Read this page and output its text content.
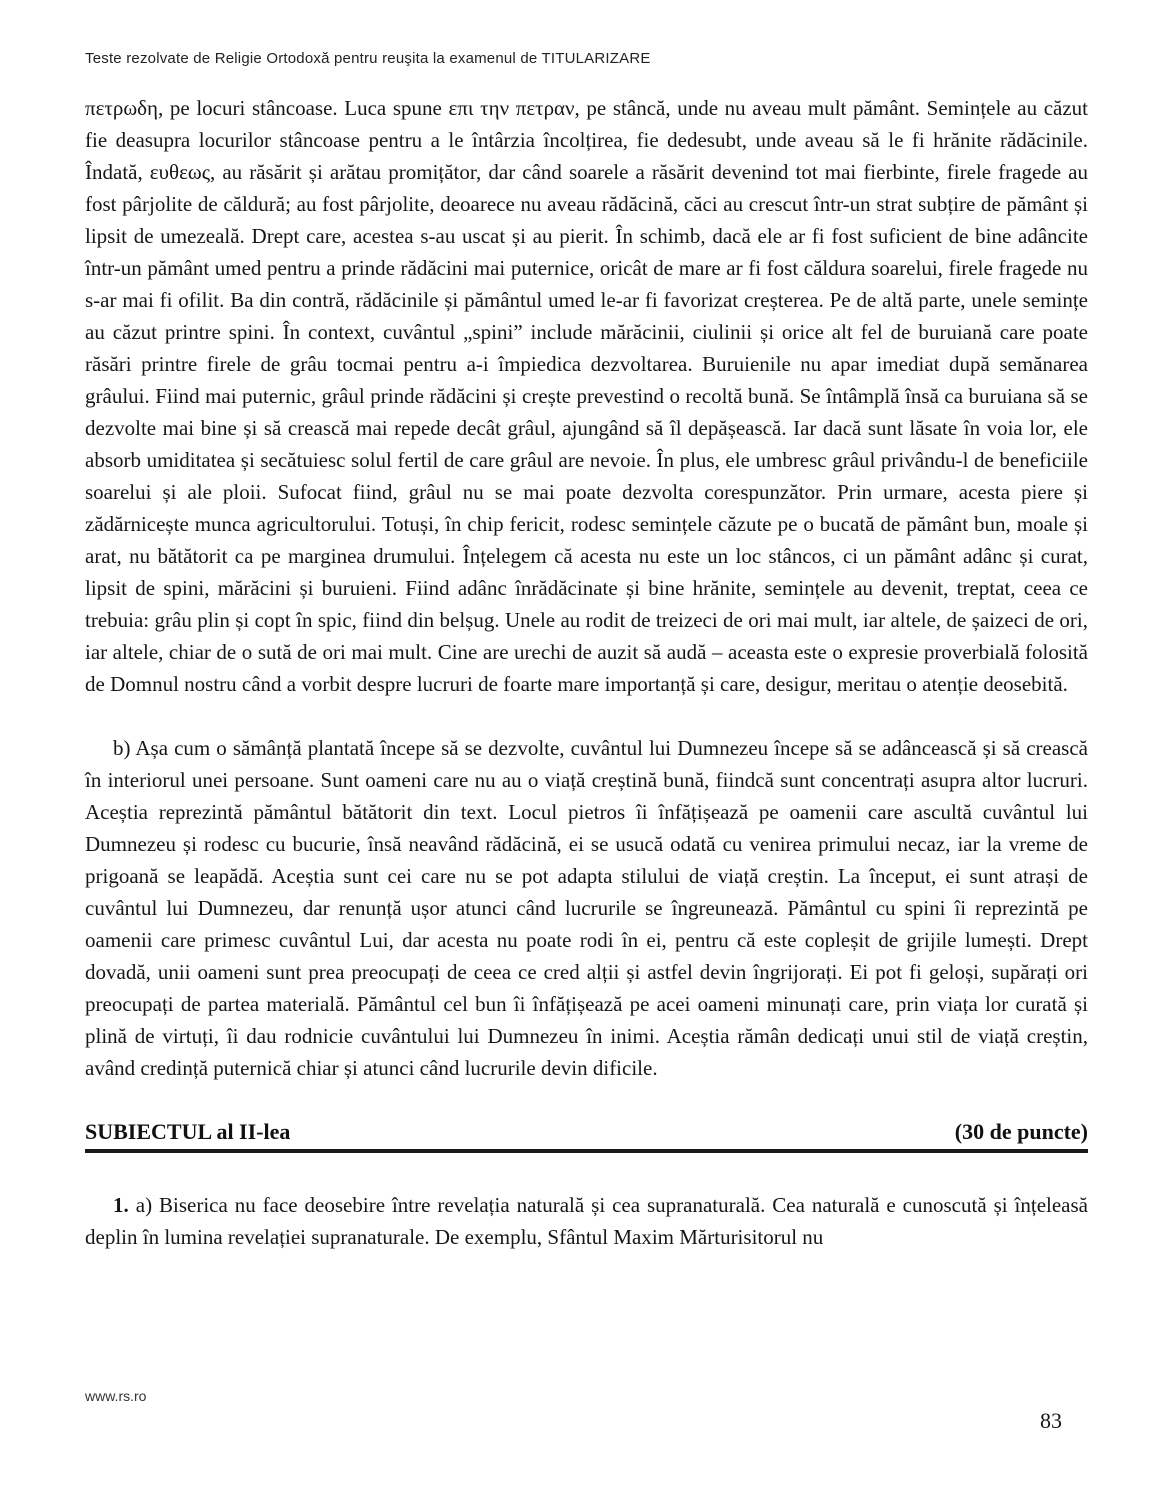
Teste rezolvate de Religie Ortodoxă pentru reuşita la examenul de TITULARIZARE

πετρωδη, pe locuri stâncoase. Luca spune επι την πετραν, pe stâncă, unde nu aveau mult pământ. Semințele au căzut fie deasupra locurilor stâncoase pentru a le întârzia încolțirea, fie dedesubt, unde aveau să le fi hrănite rădăcinile. Îndată, ευθεως, au răsărit și arătau promițător, dar când soarele a răsărit devenind tot mai fierbinte, firele fragede au fost pârjolite de căldură; au fost pârjolite, deoarece nu aveau rădăcină, căci au crescut într-un strat subțire de pământ și lipsit de umezeală. Drept care, acestea s-au uscat și au pierit. În schimb, dacă ele ar fi fost suficient de bine adâncite într-un pământ umed pentru a prinde rădăcini mai puternice, oricât de mare ar fi fost căldura soarelui, firele fragede nu s-ar mai fi ofilit. Ba din contră, rădăcinile și pământul umed le-ar fi favorizat creșterea. Pe de altă parte, unele semințe au căzut printre spini. În context, cuvântul „spini” include mărăcinii, ciulinii și orice alt fel de buruiană care poate răsări printre firele de grâu tocmai pentru a-i împiedica dezvoltarea. Buruienile nu apar imediat după semănarea grâului. Fiind mai puternic, grâul prinde rădăcini și crește prevestind o recoltă bună. Se întâmplă însă ca buruiana să se dezvolte mai bine și să crească mai repede decât grâul, ajungând să îl depășească. Iar dacă sunt lăsate în voia lor, ele absorb umiditatea și secătuiesc solul fertil de care grâul are nevoie. În plus, ele umbresc grâul privându-l de beneficiile soarelui și ale ploii. Sufocat fiind, grâul nu se mai poate dezvolta corespunzător. Prin urmare, acesta piere și zădărnicește munca agricultorului. Totuși, în chip fericit, rodesc semințele căzute pe o bucată de pământ bun, moale și arat, nu bătătorit ca pe marginea drumului. Înțelegem că acesta nu este un loc stâncos, ci un pământ adânc și curat, lipsit de spini, mărăcini și buruieni. Fiind adânc înrădăcinate și bine hrănite, semințele au devenit, treptat, ceea ce trebuia: grâu plin și copt în spic, fiind din belșug. Unele au rodit de treizeci de ori mai mult, iar altele, de șaizeci de ori, iar altele, chiar de o sută de ori mai mult. Cine are urechi de auzit să audă – aceasta este o expresie proverbială folosită de Domnul nostru când a vorbit despre lucruri de foarte mare importanță și care, desigur, meritau o atenție deosebită.

b) Așa cum o sămânță plantată începe să se dezvolte, cuvântul lui Dumnezeu începe să se adâncească și să crească în interiorul unei persoane. Sunt oameni care nu au o viață creștină bună, fiindcă sunt concentrați asupra altor lucruri. Aceștia reprezintă pământul bătătorit din text. Locul pietros îi înfățișează pe oamenii care ascultă cuvântul lui Dumnezeu și rodesc cu bucurie, însă neavând rădăcină, ei se usucă odată cu venirea primului necaz, iar la vreme de prigoană se leapădă. Aceștia sunt cei care nu se pot adapta stilului de viață creștin. La început, ei sunt atrași de cuvântul lui Dumnezeu, dar renunță ușor atunci când lucrurile se îngreunează. Pământul cu spini îi reprezintă pe oamenii care primesc cuvântul Lui, dar acesta nu poate rodi în ei, pentru că este copleșit de grijile lumești. Drept dovadă, unii oameni sunt prea preocupați de ceea ce cred alții și astfel devin îngrijorați. Ei pot fi geloși, supărați ori preocupați de partea materială. Pământul cel bun îi înfățișează pe acei oameni minunați care, prin viața lor curată și plină de virtuți, îi dau rodnicie cuvântului lui Dumnezeu în inimi. Aceștia rămân dedicați unui stil de viață creștin, având credință puternică chiar și atunci când lucrurile devin dificile.

SUBIECTUL al II-lea	(30 de puncte)

1. a) Biserica nu face deosebire între revelația naturală și cea supranaturală. Cea naturală e cunoscută și înțeleasă deplin în lumina revelației supranaturale. De exemplu, Sfântul Maxim Mărturisitorul nu

www.rs.ro
83
